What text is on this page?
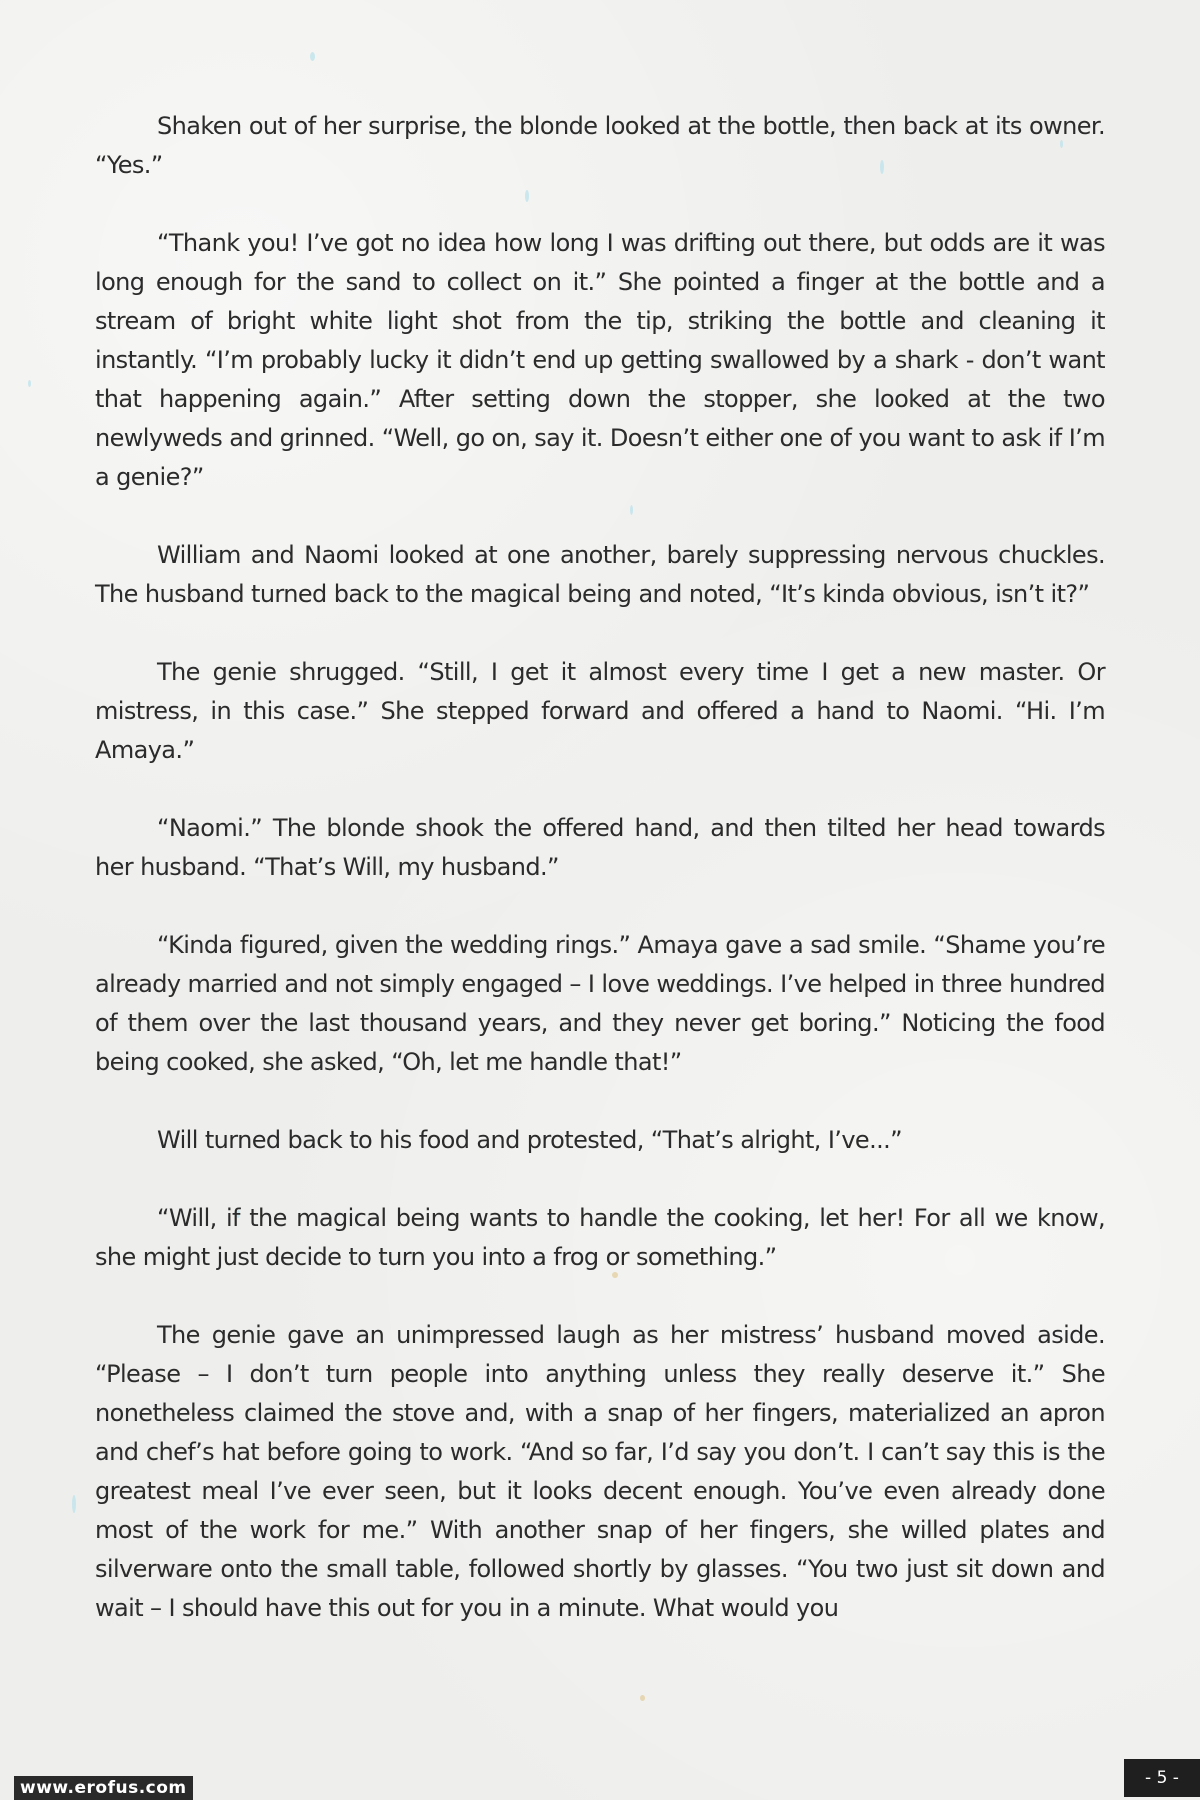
Shaken out of her surprise, the blonde looked at the bottle, then back at its owner. “Yes.”

“Thank you! I’ve got no idea how long I was drifting out there, but odds are it was long enough for the sand to collect on it.” She pointed a finger at the bottle and a stream of bright white light shot from the tip, striking the bottle and cleaning it instantly. “I’m probably lucky it didn’t end up getting swallowed by a shark - don’t want that happening again.” After setting down the stopper, she looked at the two newlyweds and grinned. “Well, go on, say it. Doesn’t either one of you want to ask if I’m a genie?”

William and Naomi looked at one another, barely suppressing nervous chuckles. The husband turned back to the magical being and noted, “It’s kinda obvious, isn’t it?”

The genie shrugged. “Still, I get it almost every time I get a new master. Or mistress, in this case.” She stepped forward and offered a hand to Naomi. “Hi. I’m Amaya.”

“Naomi.” The blonde shook the offered hand, and then tilted her head towards her husband. “That’s Will, my husband.”

“Kinda figured, given the wedding rings.” Amaya gave a sad smile. “Shame you’re already married and not simply engaged – I love weddings. I’ve helped in three hundred of them over the last thousand years, and they never get boring.” Noticing the food being cooked, she asked, “Oh, let me handle that!”

Will turned back to his food and protested, “That’s alright, I’ve...”

“Will, if the magical being wants to handle the cooking, let her! For all we know, she might just decide to turn you into a frog or something.”

The genie gave an unimpressed laugh as her mistress’ husband moved aside. “Please – I don’t turn people into anything unless they really deserve it.” She nonetheless claimed the stove and, with a snap of her fingers, materialized an apron and chef’s hat before going to work. “And so far, I’d say you don’t. I can’t say this is the greatest meal I’ve ever seen, but it looks decent enough. You’ve even already done most of the work for me.” With another snap of her fingers, she willed plates and silverware onto the small table, followed shortly by glasses. “You two just sit down and wait – I should have this out for you in a minute. What would you

- 5 -
www.erofus.com
